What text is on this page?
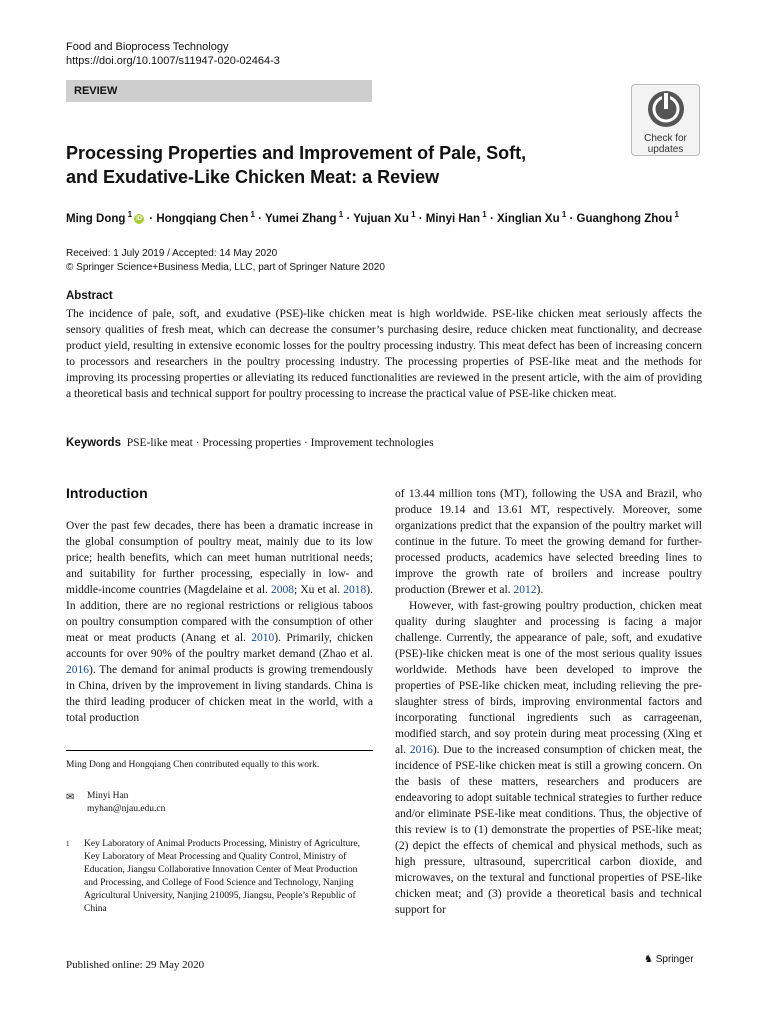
Food and Bioprocess Technology
https://doi.org/10.1007/s11947-020-02464-3
REVIEW
Check for
updates
Processing Properties and Improvement of Pale, Soft,
and Exudative-Like Chicken Meat: a Review
Ming Dong $^1$ iD · Hongqiang Chen $^1$ · Yumei Zhang $^1$ · Yujuan Xu $^1$ · Minyi Han $^1$ · Xinglian Xu $^1$ · Guanghong Zhou $^1$
Received: 1 July 2019 / Accepted: 14 May 2020
© Springer Science+Business Media, LLC, part of Springer Nature 2020
Abstract
The incidence of pale, soft, and exudative (PSE)-like chicken meat is high worldwide. PSE-like chicken meat seriously affects the sensory qualities of fresh meat, which can decrease the consumer’s purchasing desire, reduce chicken meat functionality, and decrease product yield, resulting in extensive economic losses for the poultry processing industry. This meat defect has been of increasing concern to processors and researchers in the poultry processing industry. The processing properties of PSE-like meat and the methods for improving its processing properties or alleviating its reduced functionalities are reviewed in the present article, with the aim of providing a theoretical basis and technical support for poultry processing to increase the practical value of PSE-like chicken meat.
Keywords PSE-like meat · Processing properties · Improvement technologies
Introduction
Over the past few decades, there has been a dramatic increase in the global consumption of poultry meat, mainly due to its low price; health benefits, which can meet human nutritional needs; and suitability for further processing, especially in low- and middle-income countries (Magdelaine et al. 2008; Xu et al. 2018). In addition, there are no regional restrictions or religious taboos on poultry consumption compared with the consumption of other meat or meat products (Anang et al. 2010). Primarily, chicken accounts for over 90% of the poultry market demand (Zhao et al. 2016). The demand for animal products is growing tremendously in China, driven by the improvement in living standards. China is the third leading producer of chicken meat in the world, with a total production

of 13.44 million tons (MT), following the USA and Brazil, who produce 19.14 and 13.61 MT, respectively. Moreover, some organizations predict that the expansion of the poultry market will continue in the future. To meet the growing demand for further-processed products, academics have selected breeding lines to improve the growth rate of broilers and increase poultry production (Brewer et al. 2012).

However, with fast-growing poultry production, chicken meat quality during slaughter and processing is facing a major challenge. Currently, the appearance of pale, soft, and exudative (PSE)-like chicken meat is one of the most serious quality issues worldwide. Methods have been developed to improve the properties of PSE-like chicken meat, including relieving the pre-slaughter stress of birds, improving environmental factors and incorporating functional ingredients such as carrageenan, modified starch, and soy protein during meat processing (Xing et al. 2016). Due to the increased consumption of chicken meat, the incidence of PSE-like chicken meat is still a growing concern. On the basis of these matters, researchers and producers are endeavoring to adopt suitable technical strategies to further reduce and/or eliminate PSE-like meat conditions. Thus, the objective of this review is to (1) demonstrate the properties of PSE-like meat; (2) depict the effects of chemical and physical methods, such as high pressure, ultrasound, supercritical carbon dioxide, and microwaves, on the textural and functional properties of PSE-like chicken meat; and (3) provide a theoretical basis and technical support for

Ming Dong and Hongqiang Chen contributed equally to this work.
✉ Minyi Han
myhan@njau.edu.cn
1 Key Laboratory of Animal Products Processing, Ministry of Agriculture, Key Laboratory of Meat Processing and Quality Control, Ministry of Education, Jiangsu Collaborative Innovation Center of Meat Production and Processing, and College of Food Science and Technology, Nanjing Agricultural University, Nanjing 210095, Jiangsu, People’s Republic of China
Published online: 29 May 2020	♞ Springer
